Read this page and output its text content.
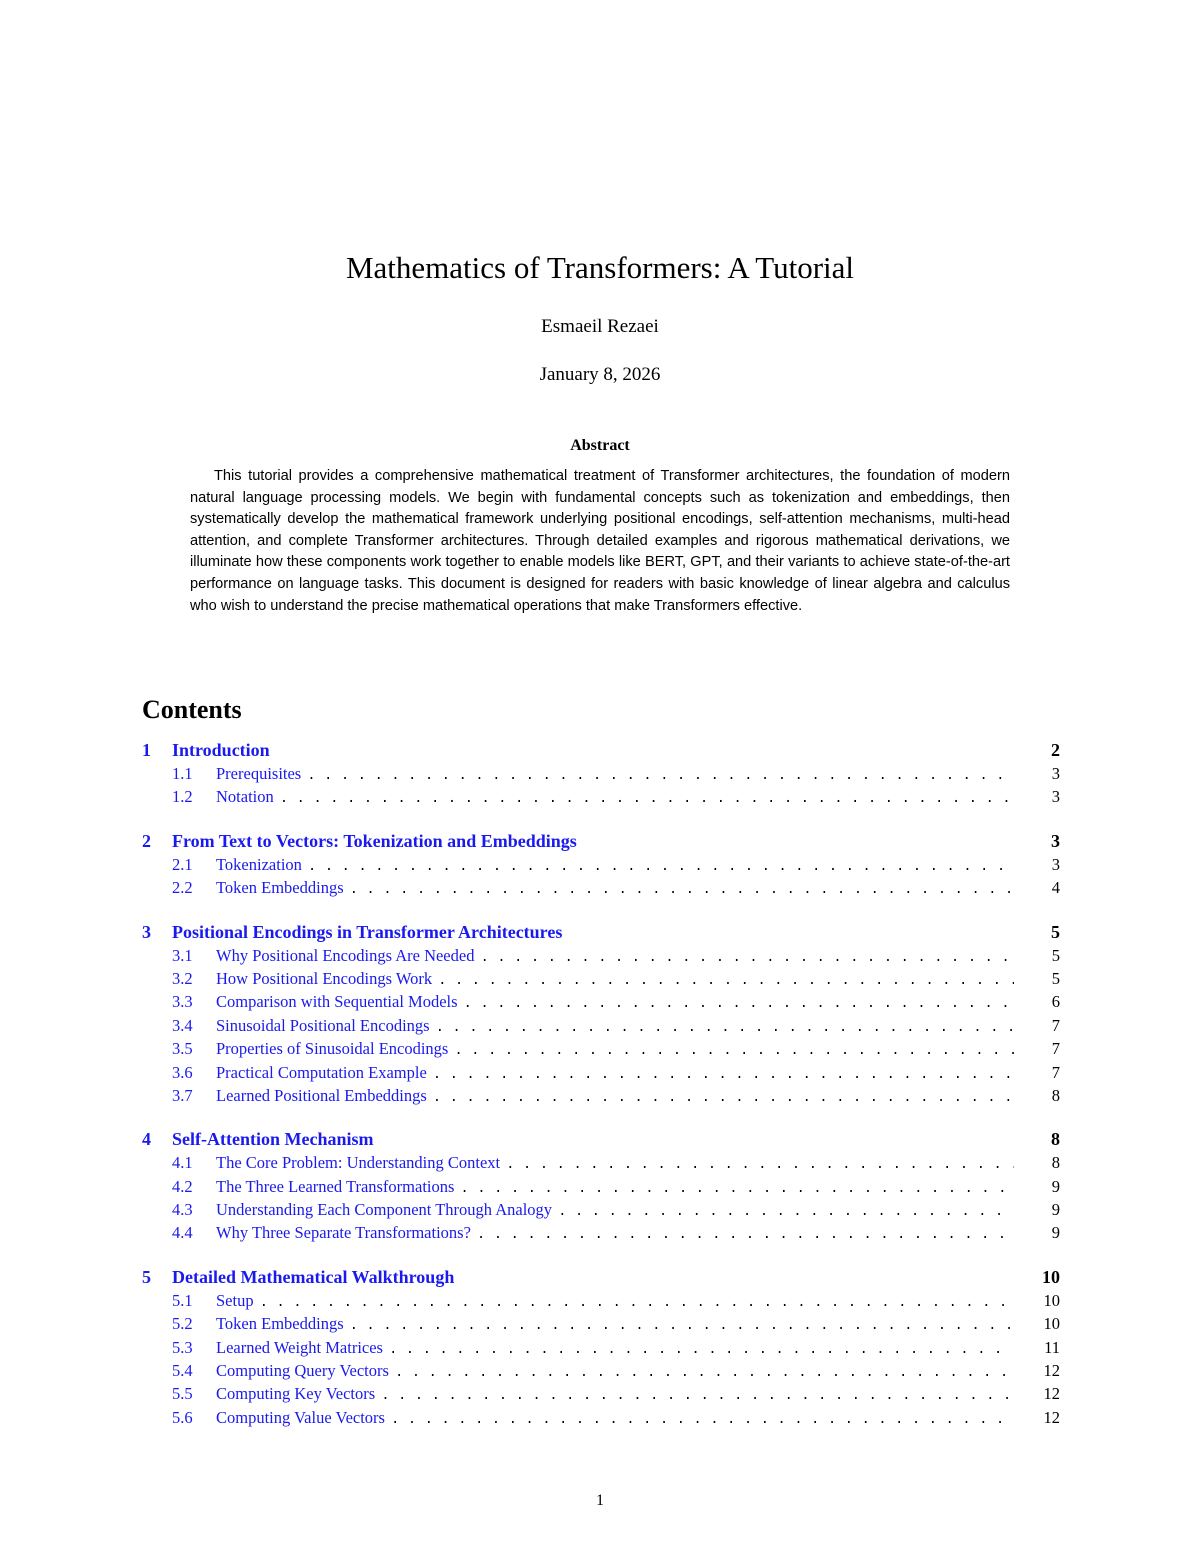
Mathematics of Transformers: A Tutorial
Esmaeil Rezaei
January 8, 2026
Abstract

This tutorial provides a comprehensive mathematical treatment of Transformer architectures, the foundation of modern natural language processing models. We begin with fundamental concepts such as tokenization and embeddings, then systematically develop the mathematical framework underlying positional encodings, self-attention mechanisms, multi-head attention, and complete Transformer architectures. Through detailed examples and rigorous mathematical derivations, we illuminate how these components work together to enable models like BERT, GPT, and their variants to achieve state-of-the-art performance on language tasks. This document is designed for readers with basic knowledge of linear algebra and calculus who wish to understand the precise mathematical operations that make Transformers effective.

Contents
1	Introduction	2
1.1	Prerequisites . . .	3
1.2	Notation . . .	3
2	From Text to Vectors: Tokenization and Embeddings	3
2.1	Tokenization . . .	3
2.2	Token Embeddings . . .	4
3	Positional Encodings in Transformer Architectures	5
3.1	Why Positional Encodings Are Needed . . .	5
3.2	How Positional Encodings Work . . .	5
3.3	Comparison with Sequential Models . . .	6
3.4	Sinusoidal Positional Encodings . . .	7
3.5	Properties of Sinusoidal Encodings . . .	7
3.6	Practical Computation Example . . .	7
3.7	Learned Positional Embeddings . . .	8
4	Self-Attention Mechanism	8
4.1	The Core Problem: Understanding Context . . .	8
4.2	The Three Learned Transformations . . .	9
4.3	Understanding Each Component Through Analogy . . .	9
4.4	Why Three Separate Transformations? . . .	9
5	Detailed Mathematical Walkthrough	10
5.1	Setup . . .	10
5.2	Token Embeddings . . .	10
5.3	Learned Weight Matrices . . .	11
5.4	Computing Query Vectors . . .	12
5.5	Computing Key Vectors . . .	12
5.6	Computing Value Vectors . . .	12
1
